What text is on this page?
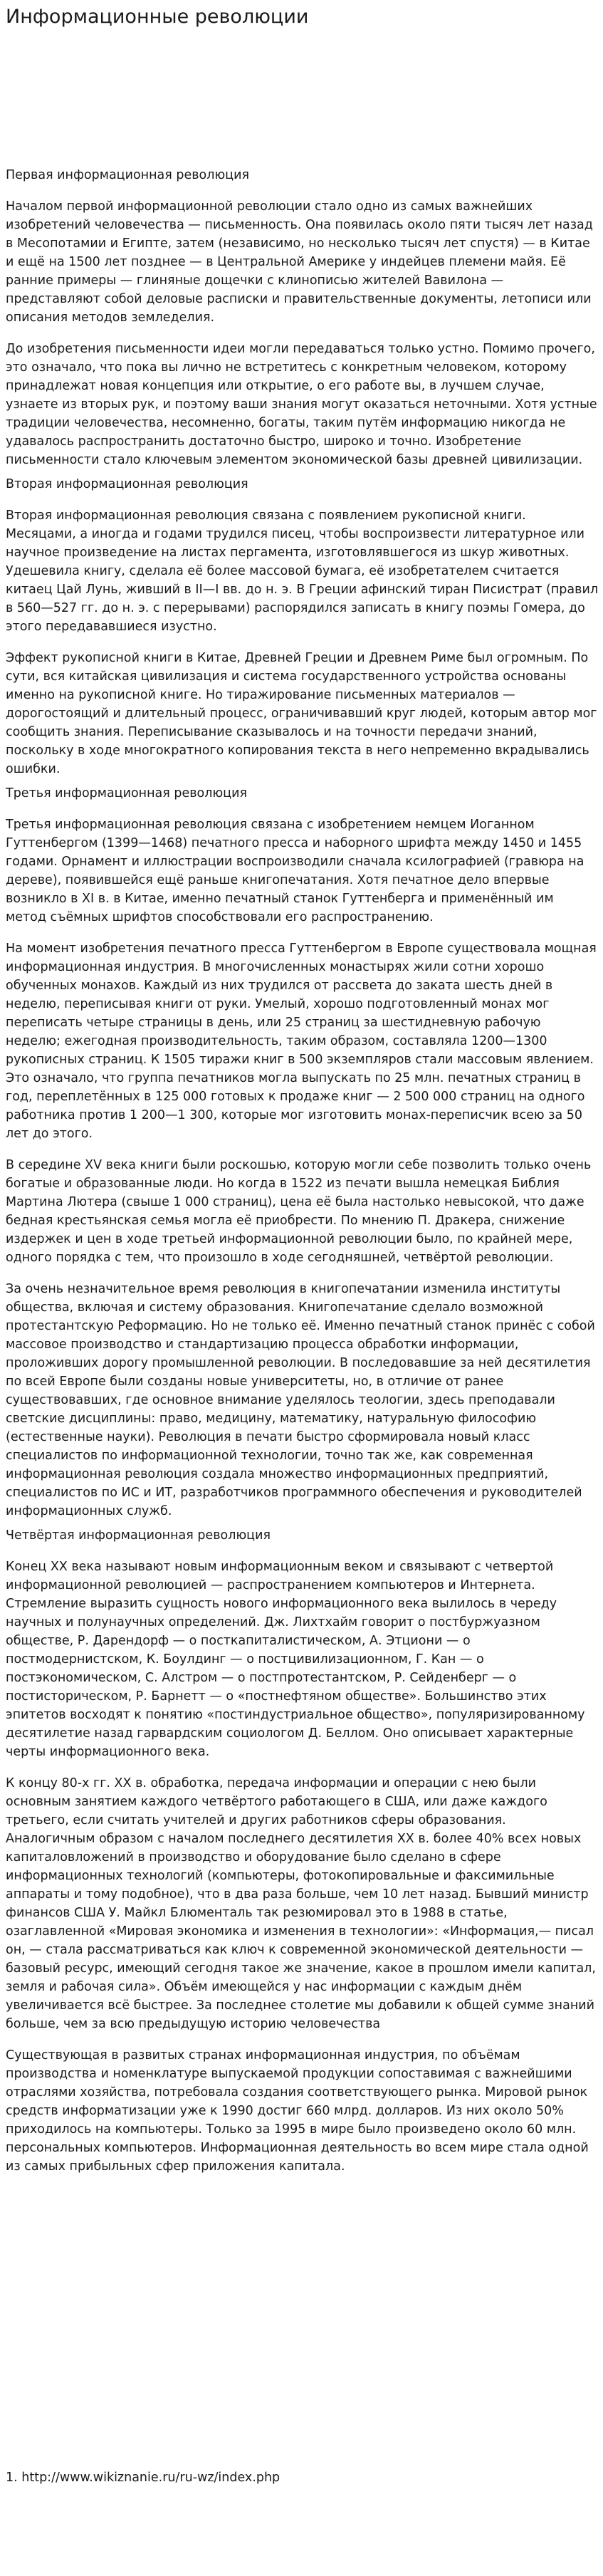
Информационные революции
Первая информационная революция

Началом первой информационной революции стало одно из самых важнейших изобретений человечества — письменность. Она появилась около пяти тысяч лет назад в Месопотамии и Египте, затем (независимо, но несколько тысяч лет спустя) — в Китае и ещё на 1500 лет позднее — в Центральной Америке у индейцев племени майя. Её ранние примеры — глиняные дощечки с клинописью жителей Вавилона — представляют собой деловые расписки и правительственные документы, летописи или описания методов земледелия.

До изобретения письменности идеи могли передаваться только устно. Помимо прочего, это означало, что пока вы лично не встретитесь с конкретным человеком, которому принадлежат новая концепция или открытие, о его работе вы, в лучшем случае, узнаете из вторых рук, и поэтому ваши знания могут оказаться неточными. Хотя устные традиции человечества, несомненно, богаты, таким путём информацию никогда не удавалось распространить достаточно быстро, широко и точно. Изобретение письменности стало ключевым элементом экономической базы древней цивилизации.

Вторая информационная революция

Вторая информационная революция связана с появлением рукописной книги. Месяцами, а иногда и годами трудился писец, чтобы воспроизвести литературное или научное произведение на листах пергамента, изготовлявшегося из шкур животных. Удешевила книгу, сделала её более массовой бумага, её изобретателем считается китаец Цай Лунь, живший в II—I вв. до н. э. В Греции афинский тиран Писистрат (правил в 560—527 гг. до н. э. с перерывами) распорядился записать в книгу поэмы Гомера, до этого передававшиеся изустно.

Эффект рукописной книги в Китае, Древней Греции и Древнем Риме был огромным. По сути, вся китайская цивилизация и система государственного устройства основаны именно на рукописной книге. Но тиражирование письменных материалов — дорогостоящий и длительный процесс, ограничивавший круг людей, которым автор мог сообщить знания. Переписывание сказывалось и на точности передачи знаний, поскольку в ходе многократного копирования текста в него непременно вкрадывались ошибки.

Третья информационная революция

Третья информационная революция связана с изобретением немцем Иоганном Гуттенбергом (1399—1468) печатного пресса и наборного шрифта между 1450 и 1455 годами. Орнамент и иллюстрации воспроизводили сначала ксилографией (гравюра на дереве), появившейся ещё раньше книгопечатания. Хотя печатное дело впервые возникло в XI в. в Китае, именно печатный станок Гуттенберга и применённый им метод съёмных шрифтов способствовали его распространению.

На момент изобретения печатного пресса Гуттенбергом в Европе существовала мощная информационная индустрия. В многочисленных монастырях жили сотни хорошо обученных монахов. Каждый из них трудился от рассвета до заката шесть дней в неделю, переписывая книги от руки. Умелый, хорошо подготовленный монах мог переписать четыре страницы в день, или 25 страниц за шестидневную рабочую неделю; ежегодная производительность, таким образом, составляла 1200—1300 рукописных страниц. К 1505 тиражи книг в 500 экземпляров стали массовым явлением. Это означало, что группа печатников могла выпускать по 25 млн. печатных страниц в год, переплетённых в 125 000 готовых к продаже книг — 2 500 000 страниц на одного работника против 1 200—1 300, которые мог изготовить монах-переписчик всею за 50 лет до этого.

В середине XV века книги были роскошью, которую могли себе позволить только очень богатые и образованные люди. Но когда в 1522 из печати вышла немецкая Библия Мартина Лютера (свыше 1 000 страниц), цена её была настолько невысокой, что даже бедная крестьянская семья могла её приобрести. По мнению П. Дракера, снижение издержек и цен в ходе третьей информационной революции было, по крайней мере, одного порядка с тем, что произошло в ходе сегодняшней, четвёртой революции.

За очень незначительное время революция в книгопечатании изменила институты общества, включая и систему образования. Книгопечатание сделало возможной протестантскую Реформацию. Но не только её. Именно печатный станок принёс с собой массовое производство и стандартизацию процесса обработки информации, проложивших дорогу промышленной революции. В последовавшие за ней десятилетия по всей Европе были созданы новые университеты, но, в отличие от ранее существовавших, где основное внимание уделялось теологии, здесь преподавали светские дисциплины: право, медицину, математику, натуральную философию (естественные науки). Революция в печати быстро сформировала новый класс специалистов по информационной технологии, точно так же, как современная информационная революция создала множество информационных предприятий, специалистов по ИС и ИТ, разработчиков программного обеспечения и руководителей информационных служб.

Четвёртая информационная революция

Конец XX века называют новым информационным веком и связывают с четвертой информационной революцией — распространением компьютеров и Интернета. Стремление выразить сущность нового информационного века вылилось в череду научных и полунаучных определений. Дж. Лихтхайм говорит о постбуржуазном обществе, Р. Дарендорф — о посткапиталистическом, А. Этциони — о постмодернистском, К. Боулдинг — о постцивилизационном, Г. Кан — о постэкономическом, С. Алстром — о постпротестантском, Р. Сейденберг — о постисторическом, Р. Барнетт — о «постнефтяном обществе». Большинство этих эпитетов восходят к понятию «постиндустриальное общество», популяризированному десятилетие назад гарвардским социологом Д. Беллом. Оно описывает характерные черты информационного века.

К концу 80-х гг. XX в. обработка, передача информации и операции с нею были основным занятием каждого четвёртого работающего в США, или даже каждого третьего, если считать учителей и других работников сферы образования. Аналогичным образом с началом последнего десятилетия XX в. более 40% всех новых капиталовложений в производство и оборудование было сделано в сфере информационных технологий (компьютеры, фотокопировальные и факсимильные аппараты и тому подобное), что в два раза больше, чем 10 лет назад. Бывший министр финансов США У. Майкл Блюменталь так резюмировал это в 1988 в статье, озаглавленной «Мировая экономика и изменения в технологии»: «Информация,— писал он, — стала рассматриваться как ключ к современной экономической деятельности — базовый ресурс, имеющий сегодня такое же значение, какое в прошлом имели капитал, земля и рабочая сила». Объём имеющейся у нас информации с каждым днём увеличивается всё быстрее. За последнее столетие мы добавили к общей сумме знаний больше, чем за всю предыдущую историю человечества

Существующая в развитых странах информационная индустрия, по объёмам производства и номенклатуре выпускаемой продукции сопоставимая с важнейшими отраслями хозяйства, потребовала создания соответствующего рынка. Мировой рынок средств информатизации уже к 1990 достиг 660 млрд. долларов. Из них около 50% приходилось на компьютеры. Только за 1995 в мире было произведено около 60 млн. персональных компьютеров. Информационная деятельность во всем мире стала одной из самых прибыльных сфер приложения капитала.

1. http://www.wikiznanie.ru/ru-wz/index.php
